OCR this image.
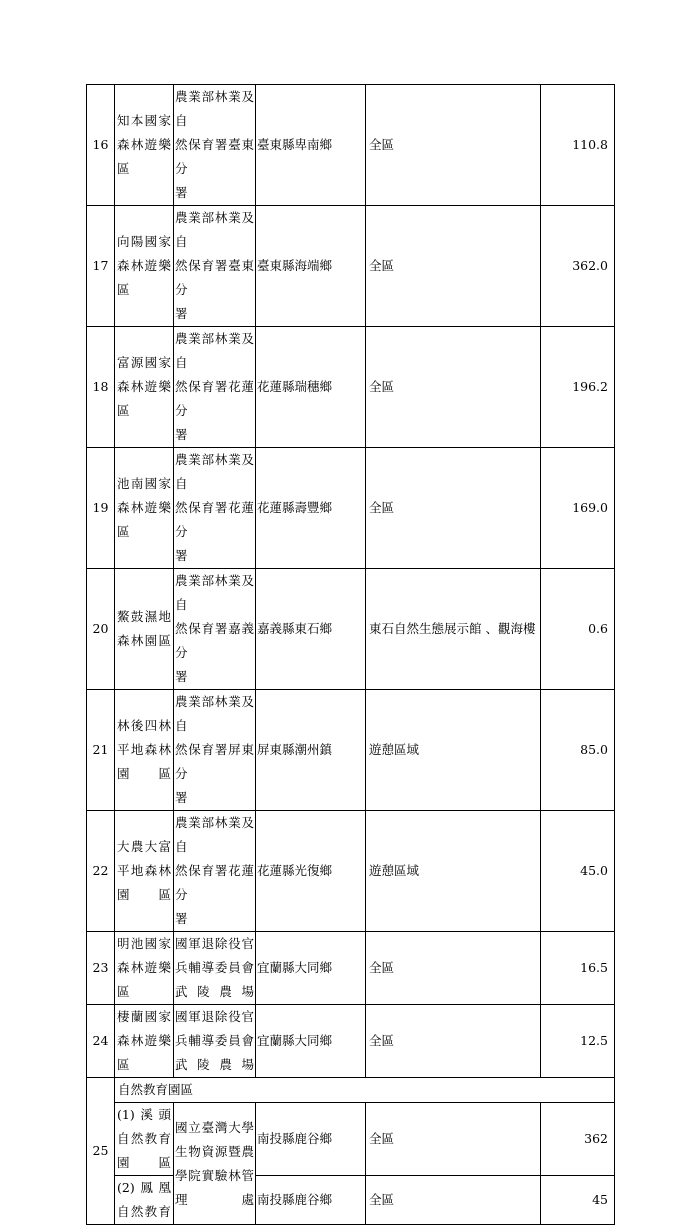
16	知本國家
森林遊樂
區	農業部林業及自
然保育署臺東分
署	臺東縣卑南鄉	全區	110.8
17	向陽國家
森林遊樂
區	農業部林業及自
然保育署臺東分
署	臺東縣海端鄉	全區	362.0
18	富源國家
森林遊樂
區	農業部林業及自
然保育署花蓮分
署	花蓮縣瑞穗鄉	全區	196.2
19	池南國家
森林遊樂
區	農業部林業及自
然保育署花蓮分
署	花蓮縣壽豐鄉	全區	169.0
20	鰲鼓濕地
森林園區	農業部林業及自
然保育署嘉義分
署	嘉義縣東石鄉	東石自然生態展示館 、觀海樓	0.6
21	林後四林
平地森林
園區	農業部林業及自
然保育署屏東分
署	屏東縣潮州鎮	遊憩區域	85.0
22	大農大富
平地森林
園區	農業部林業及自
然保育署花蓮分
署	花蓮縣光復鄉	遊憩區域	45.0
23	明池國家
森林遊樂
區	國軍退除役官
兵輔導委員會
武陵農場	宜蘭縣大同鄉	全區	16.5
24	棲蘭國家
森林遊樂
區	國軍退除役官
兵輔導委員會
武陵農場	宜蘭縣大同鄉	全區	12.5
25	自然教育園區				

	(1)溪頭
自然教育
園區	國立臺灣大學
生物資源暨農
學院實驗林管
理處	南投縣鹿谷鄉	全區	362

	(2)鳳凰
自然教育		南投縣鹿谷鄉	全區	45
